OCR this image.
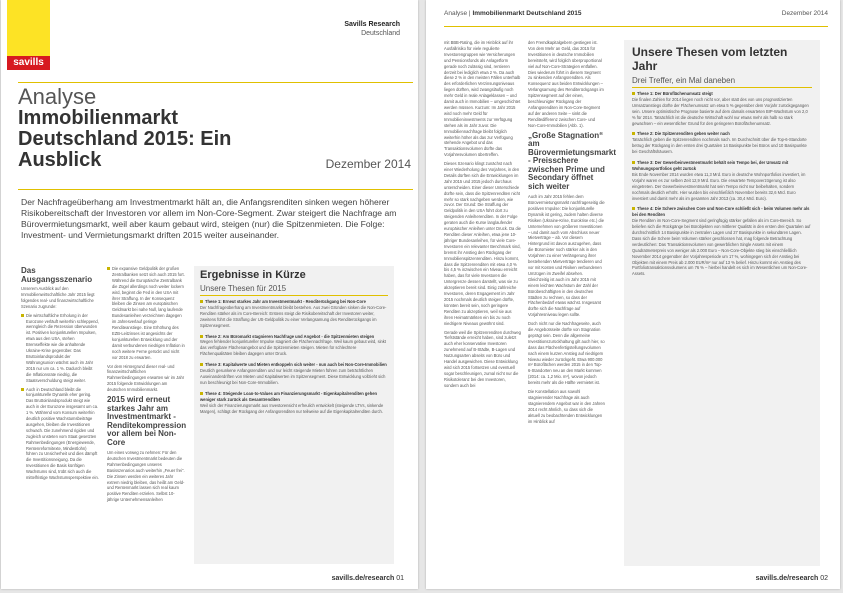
savills
Savills Research
Deutschland
Analyse
Immobilienmarkt Deutschland 2015: Ein Ausblick	Dezember 2014
Der Nachfrageüberhang am Investmentmarkt hält an, die Anfangsrenditen sinken wegen höherer Risikobereitschaft der Investoren vor allem im Non-Core-Segment. Zwar steigert die Nachfrage am Bürovermietungsmarkt, weil aber kaum gebaut wird, steigen (nur) die Spitzenmieten. Die Folge: Investment- und Vermietungsmarkt driften 2015 weiter auseinander.
Das Ausgangsszenario

Unserem Ausblick auf den Immobilienwirtschaftliche Jahr 2015 liegt folgendes real- und finanzwirtschaftliche Szenario zugrunde:

Die wirtschaftliche Erholung in der Eurozone verläuft weiterhin schleppend, wenngleich die Rezession überwunden ist. Positiven konjunkturellen Impulsen, etwa aus den USA, stehen Bremseffekte wie die anhaltende Ukraine-Krise gegenüber. Das Bruttoinlandsprodukt der Währungsunion wächst auch im Jahr 2015 nur um ca. 1 %. Dadurch bleibt die Inflationsrate niedrig, die Staatsverschuldung steigt weiter.

Auch in Deutschland bleibt die konjunkturelle Dynamik eher gering. Das Bruttoinlandsprodukt steigt wie auch in der Eurozone insgesamt um ca. 1 %. Während vom Konsum weiterhin deutlich positive Wachstumsbeiträge ausgehen, bleiben die Investitionen schwach. Die zunehmend rigiden und zugleich unsteten vom Staat gesetzten Rahmenbedingungen (Energiewende, Rentenreformitexte, Mindestlohn) führen zu Unsicherheit und dies dämpft die Investitionsneigung. Da die Investitionen die Basis künftigen Wachstums sind, trübt sich auch die mittelfristige Wachstumsperspektive ein.

Die expansive Geldpolitik der großen Zentralbanken setzt sich auch 2015 fort. Während die Europäische Zentralbank die Zügel allerdings noch weiter lockern wird, beginnt die Fed in den USA mit ihrer Straffung. In der Konsequenz bleiben die Zinsen am europäischen Geldmarkt bei nahe Null, lang laufende Bundesanleihen verzeichnen dagegen im Jahresverlauf geringe Renditeanstiege. Eine Erhöhung des EZB-Leitzinses ist angesichts der konjunkturellen Entwicklung und der damit verbundenen niedrigen Inflation in noch weitere Ferne gerückt und nicht vor 2018 zu erwarten.

Vor dem Hintergrund dieser real- und finanzwirtschaftlichen Rahmenbedingungen erwarten wir im Jahr 2015 folgende Entwicklungen am deutschen Immobilienmarkt.

2015 wird erneut starkes Jahr am Investmentmarkt - Renditekompression vor allem bei Non-Core

Um eines vorweg zu nehmen: Für den deutschen Investmentmarkt bedeuten die Rahmenbedingungen unseres Basisszenarios auch weiterhin „Feuer frei“. Die Zinsen werden ein weiteres Jahr extrem niedrig bleiben, das heißt am Geld- und Rentenmarkt lassen sich real kaum positive Renditen erzielen. Selbst 10-jährige Unternehmensanleihen

Ergebnisse in Kürze
Unsere Thesen für 2015
These 1: Erneut starkes Jahr am Investmentmarkt - Renditerückgang bei Non-Core
Der Nachfrageüberhang am Investmentmarkt bleibt bestehen. Aus zwei Gründen sinken die Non-Core-Renditen stärker als im Core-Bereich: Erstens steigt die Risikobereitschaft der Investoren weiter, zweitens führt die Straffung der US-Geldpolitik zu einer Verlangsamung des Renditerückgangs im Spitzensegment.
These 2: Am Büromarkt stagnieren Nachfrage und Angebot - die Spitzenmieten steigen
Wegen fehlender konjunktureller Impulse stagniert die Flächennachfrage. Weil kaum gebaut wird, sinkt das verfügbare Flächenangebot und die Spitzenmieten steigen. Mieten für schlechtere Flächenqualitäten bleiben dagegen unter Druck.
These 3: Kapitalwerte und Mieten entkoppeln sich weiter - nun auch bei Non-Core-Immobilien
Deutlich gesunkene Anfangsrenditen und nur leicht steigende Mieten führen zum beträchtlichen Auseinanderdriften von Mieten und Kapitalwerten im Spitzensegment. Diese Entwicklung vollzieht sich nun beschleunigt bei Non-Core-Immobilien.
These 4: Steigende Loan-to-Values am Finanzierungsmarkt - Eigenkapitalrenditen gehen weniger stark zurück als Gesamtrenditen
Weil sich der Finanzierungsmarkt aus Investorensicht erfreulich entwickelt (steigende LTVs, sinkende Margen), schlägt der Rückgang der Anfangsrenditen nur teilweise auf die Eigenkapitalrenditen durch.
savills.de/research 01
Analyse | Immobilienmarkt Deutschland 2015	Dezember 2014

mit BBB-Rating, die im Hinblick auf ihr Ausfallrisiko für viele regulierte Investorengruppen wie Versicherungen und Pensionsfonds als Anlagetform gerade noch zulässig sind, rentieren derzeit bei lediglich etwa 2 %. Da auch diese 2 % in den meisten Fällen unterhalb des erforderlichen Verzinsungsniveaus liegen dürften, wird zwangsläufig noch mehr Geld in reale Anlageklassen – und damit auch in Immobilien – umgeschichtet werden müssen. Kurzum: Im Jahr 2015 wird noch mehr Geld für Immobilieninvestments zur Verfügung stehen als im Jahr zuvor. Die Immobiliennachfrage bleibt folglich weiterhin höher als das zur Verfügung stehende Angebot und das Transaktionsvolumen dürfte das Vorjahresvolumen übertreffen.

Dieses Szenario klingt zunächst nach einer Wiederholung des Vorjahres, in den Details dürften sich die Entwicklungen im Jahr 2015 und 2015 jedoch durchaus unterscheiden. Einer dieser Unterschiede dürfte sein, dass die Spitzenrenditen nicht mehr so stark nachgeben werden, wie zuvor. Der Grund: Die Straffung der Geldpolitik in den USA führt dort zu steigenden Anleiherenditen. In der Folge geraten auch die Kurse langlaufender europäischer Anleihen unter Druck. Da die Renditen dieser Anleihen, etwa jene 10-jähriger Bundesanleihen, für viele Core-Investoren ein relevanter Benchmark sind, bremst ihr Anstieg den Rückgang der Immobilienspitzenrenditen. Hinzu kommt, dass die Spitzenrenditen mit etwa 4,0 % bis 4,5 % inzwischen ein Niveau erreicht haben, das für viele Investoren die Untergrenze dessen darstellt, was sie zu akzeptieren bereit sind. Einig zahlreiche Investoren, deren Engagement im Jahr 2015 nochmals deutlich steigen dürfte, könnten bereit sein, noch geringere Renditen zu akzeptieren, weil sie aus ihren Heimatmärkten ein bis zu noch niedrigere Niveaus gewöhnt sind.

Gerade weil die Spitzenrenditen durchweg Tiefststände erreicht haben, sind zuletzt auch eher konservative Investoren zunehmend auf B-Städte, B-Lagen und Nutzungsarten abseits von Büro und Handel ausgewichen. Diese Entwicklung wird sich 2015 fortsetzen und eventuell sogar beschleunigen, zumal nicht nur die Risikotoleranz bei den Investoren, sondern auch bei

den Fremdkapitalgebern gestiegen ist. Von dem Mehr an Geld, das 2015 für Investitionen in deutsche Immobilien bereitsteht, wird folglich überproportional viel auf Non-Core-Strategien entfallen. Dies wiederum führt in diesem Segment zu sinkenden Anfangsrenditen. Als Konsequenz aus beiden Entwicklungen – Verlangsamung des Renditerückgangs im Spitzensegment auf der einen, beschleunigter Rückgang der Anfangsrenditen im Non-Core-Segment auf der anderen Seite – sinkt die Renditedifferenz zwischen Core- und Non-Core-Immobilien (Abb. 1).

„Große Stagnation“ am Bürovermietungsmarkt - Preisschere zwischen Prime und Secondary öffnet sich weiter

Auch im Jahr 2015 fehlen dem Bürovermietungsmarkt nachfrageseitig die positiven Impulse: Die konjunkturelle Dynamik ist gering, zudem halten diverse Risiken (Ukraine-Krise, Eurokrise etc.) die Unternehmen von größeren Investitionen – und damit auch vom Abschluss neuer Mietverträge – ab. Vor diesem Hintergrund ist davon auszugehen, dass die Büromieter noch stärker als in den Vorjahren zu einer Verlängerung ihrer bestehenden Mietverträge tendieren und vor mit Kosten und Risiken verbundenen Umzügen im Zweifel absehen. Gleichzeitig ist auch im Jahr 2015 mit einem leichten Wachstum der Zahl der Bürobeschäftigten in den deutschen Städten zu rechnen, so dass der Flächenbedarf etwas wächst. Insgesamt dürfte sich die Nachfrage auf Vorjahresniveau legen sollte.

Doch nicht nur die Nachfrageseite, auch die Angebotsseite dürfte von Stagnation geprägt sein. Denn die allgemeine Investitionszurückhaltung gilt auch hier, so dass das Flächenfertigstellungsvolumen nach einem kurzen Anstieg auf niedrigem Niveau wieder zurückgeht. Etwa 900.000 m² Büroflächen werden 2015 in den Top-6-Standorten neu an den Markt kommen (2014: ca. 1,2 Mio. m²), wovon jedoch bereits mehr als die Hälfte vermietet ist.

Die Konstellation aus sowohl stagnierender Nachfrage als auch stagnierendem Angebot war in den Jahren 2014 recht ähnlich, so dass sich die aktuell zu beobachtenden Entwicklungen im Hinblick auf

Unsere Thesen vom letzten Jahr
Drei Treffer, ein Mal daneben
These 1: Der Büroflächenumsatz steigt
Die finalen Zahlen für 2014 liegen noch nicht vor, aber statt des von uns prognostizierten Umsatzanstiegs dürfte der Flächenumsatz um etwa 5 % gegenüber dem Vorjahr zurückgegangen sein. Unsere optimistische Prognose basierte auf dem damals erwarteten BIP-Wachstum von 2,0 % für 2014. Tatsächlich ist die deutsche Wirtschaft wohl nur etwas mehr als halb so stark gewachsen – ein wesentlicher Grund für den geringeren Büroflächenumsatz.
These 2: Die Spitzenrenditen geben weiter nach
Tatsächlich geben die Spitzenrenditen nochmals nach. Im Durchschnitt über die Top-6-Standorte betrug der Rückgang in den ersten drei Quartalen 14 Basispunkte bei Büros und 10 Basispunkte bei Geschäftshäusern.
These 3: Der Gewerbeinvestmentmarkt behält sein Tempo bei, der Umsatz mit Wohnungsportfolios geht zurück
Bis Ende November 2014 wurden etwa 11,3 Mrd. Euro in deutsche Wohnportfolios investiert, im Vorjahr waren es zur selben Zeit 12,9 Mrd. Euro. Die erwartete Tempoverzögerung ist also eingetreten. Der Gewerbeinvestmentmarkt hat sein Tempo nicht nur beibehalten, sondern nochmals deutlich erhöht. Hier wurden bis einschließlich November bereits 32,6 Mrd. Euro investiert und damit mehr als im gesamten Jahr 2013 (ca. 30,4 Mrd. Euro).
These 4: Die Schere zwischen Core und Non-Core schließt sich - beim Volumen mehr als bei den Renditen
Die Renditen im Non-Core-Segment sind geringfügig stärker gefallen als im Core-Bereich. So beliefen sich die Rückgänge bei Bürobjekten von mittlerer Qualität in den ersten drei Quartalen auf durchschnittlich 14 Basispunkte in zentralen Lagen und 27 Basispunkte in sekundären Lagen. Dass sich die Schere beim Volumen stärker geschlossen hat, mag folgende Betrachtung verdeutlichen: Das Transaktionsvolumen von gewerblichen Single Assets mit einem Quadratmeterpreis von weniger als 2.000 Euro – Non-Core-Objekte stieg bis einschließlich November 2014 gegenüber der Vorjahresperiode um 17 %, wohingegen sich der Anstieg bei Objekten mit einem Preis ab 2.000 EUR/m² nur auf 13 % belief. Hinzu kommt ein Anstieg des Portfoliotransaktionsvolumens um 76 % – hierbei handelt es sich im Wesentlichen um Non-Core-Assets.
savills.de/research 02
